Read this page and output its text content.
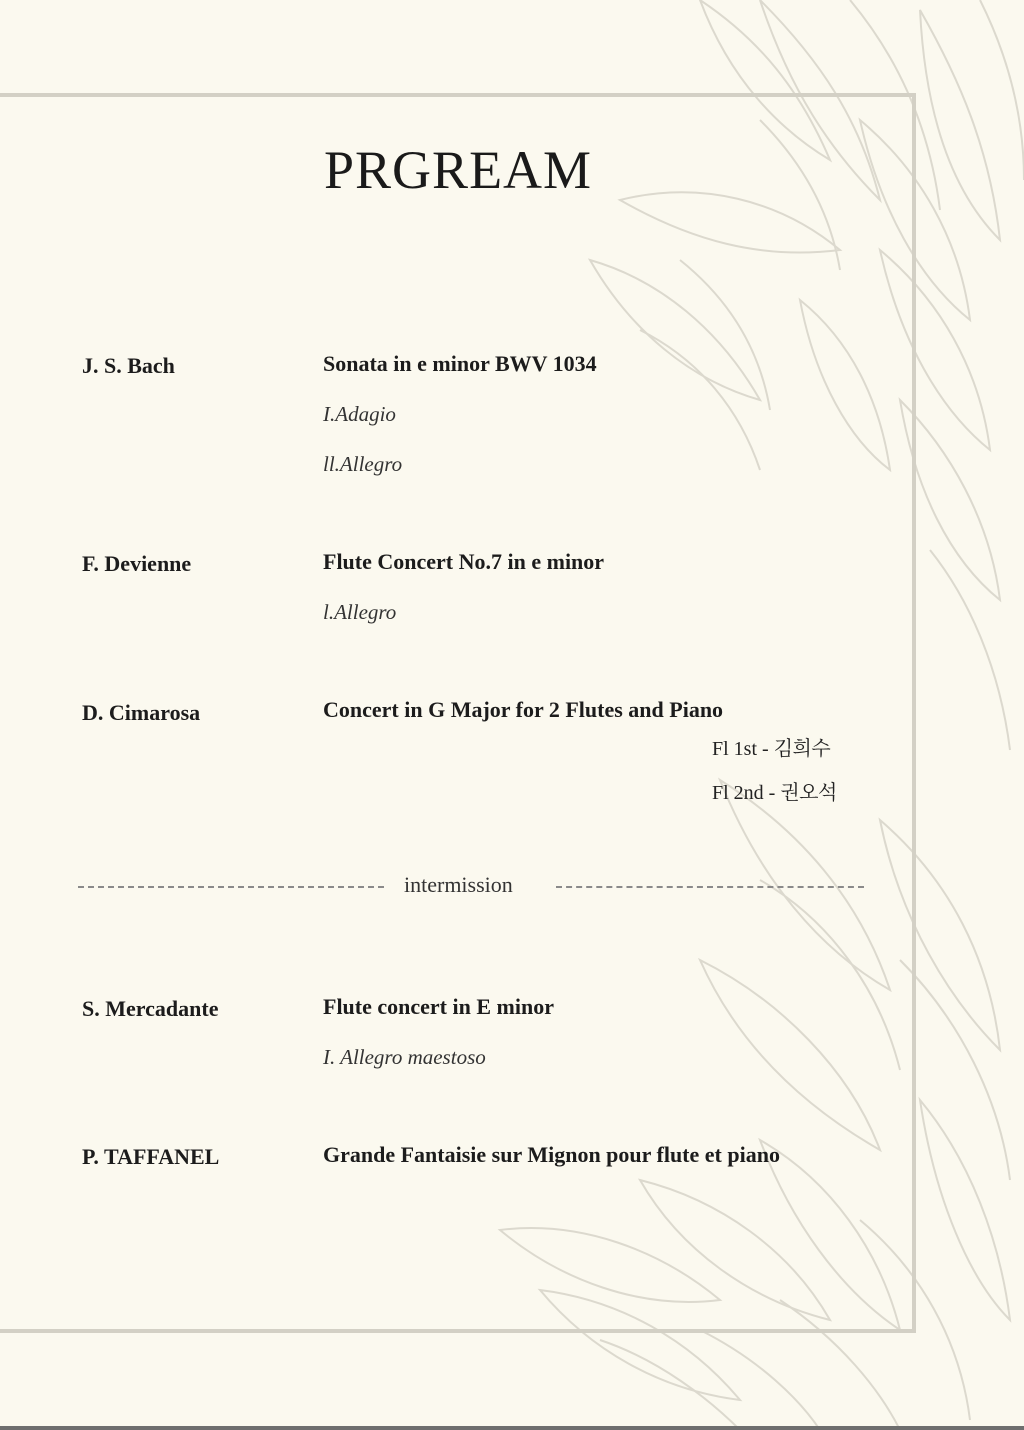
PRGREAM
J. S. Bach	Sonata in e minor BWV 1034
I.Adagio
ll.Allegro
F. Devienne	Flute Concert No.7 in e minor
l.Allegro
D. Cimarosa	Concert in G Major for 2 Flutes and Piano
Fl 1st - 김희수
Fl 2nd - 권오석
intermission
S. Mercadante	Flute concert in E minor
I. Allegro maestoso
P. TAFFANEL	Grande Fantaisie sur Mignon pour flute et piano
